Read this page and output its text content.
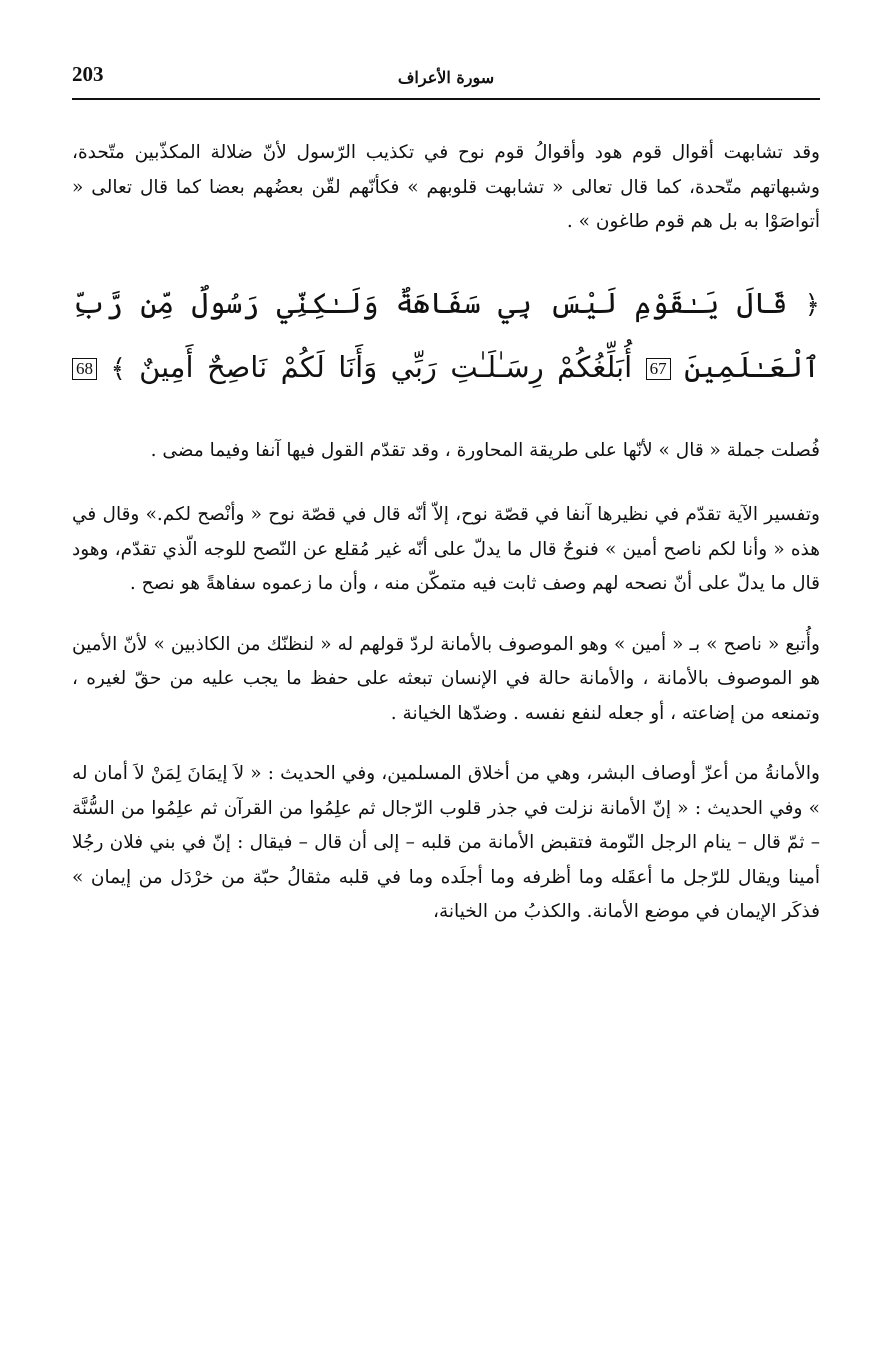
203	سورة الأعراف

وقد تشابهت أقوال قوم هود وأقوالُ قوم نوح في تكذيب الرّسول لأنّ ضلالة المكذّبين متّحدة، وشبهاتهم متّحدة، كما قال تعالى « تشابهت قلوبهم » فكأنّهم لقّن بعضُهم بعضا كما قال تعالى « أتواصَوْا به بل هم قوم طاغون » .

﴿ قَالَ يَـٰقَوْمِ لَيْسَ بِي سَفَاهَةٌ وَلَـٰكِنِّي رَسُولٌ مِّن رَّبِّ ٱلْعَـٰلَمِينَ 67 أُبَلِّغُكُمْ رِسَـٰلَـٰتِ رَبِّي وَأَنَا لَكُمْ نَاصِحٌ أَمِينٌ ﴾ 68

فُصلت جملة « قال » لأنّها على طريقة المحاورة ، وقد تقدّم القول فيها آنفا وفيما مضى .

وتفسير الآية تقدّم في نظيرها آنفا في قصّة نوح، إلاّ أنّه قال في قصّة نوح « وأنْصح لكم.» وقال في هذه « وأنا لكم ناصح أمين » فنوحٌ قال ما يدلّ على أنّه غير مُقلع عن النّصح للوجه الّذي تقدّم، وهود قال ما يدلّ على أنّ نصحه لهم وصف ثابت فيه متمكّن منه ، وأن ما زعموه سفاهةً هو نصح .

وأُتبع « ناصح » بـ « أمين » وهو الموصوف بالأمانة لردّ قولهم له « لنظنّك من الكاذبين » لأنّ الأمين هو الموصوف بالأمانة ، والأمانة حالة في الإنسان تبعثه على حفظ ما يجب عليه من حقّ لغيره ، وتمنعه من إضاعته ، أو جعله لنفع نفسه . وضدّها الخيانة .

والأمانةُ من أعزّ أوصاف البشر، وهي من أخلاق المسلمين، وفي الحديث : « لاَ إيمَانَ لِمَنْ لاَ أمان له » وفي الحديث : « إنّ الأمانة نزلت في جذر قلوب الرّجال ثم علِمُوا من القرآن ثم علِمُوا من السُّنَّة – ثمّ قال – ينام الرجل النّومة فتقبض الأمانة من قلبه – إلى أن قال – فيقال : إنّ في بني فلان رجُلا أمينا ويقال للرّجل ما أعقَله وما أظرفه وما أجلَده وما في قلبه مثقالُ حبّة من خرْدَل من إيمان » فذكَر الإيمان في موضع الأمانة. والكذبُ من الخيانة،
